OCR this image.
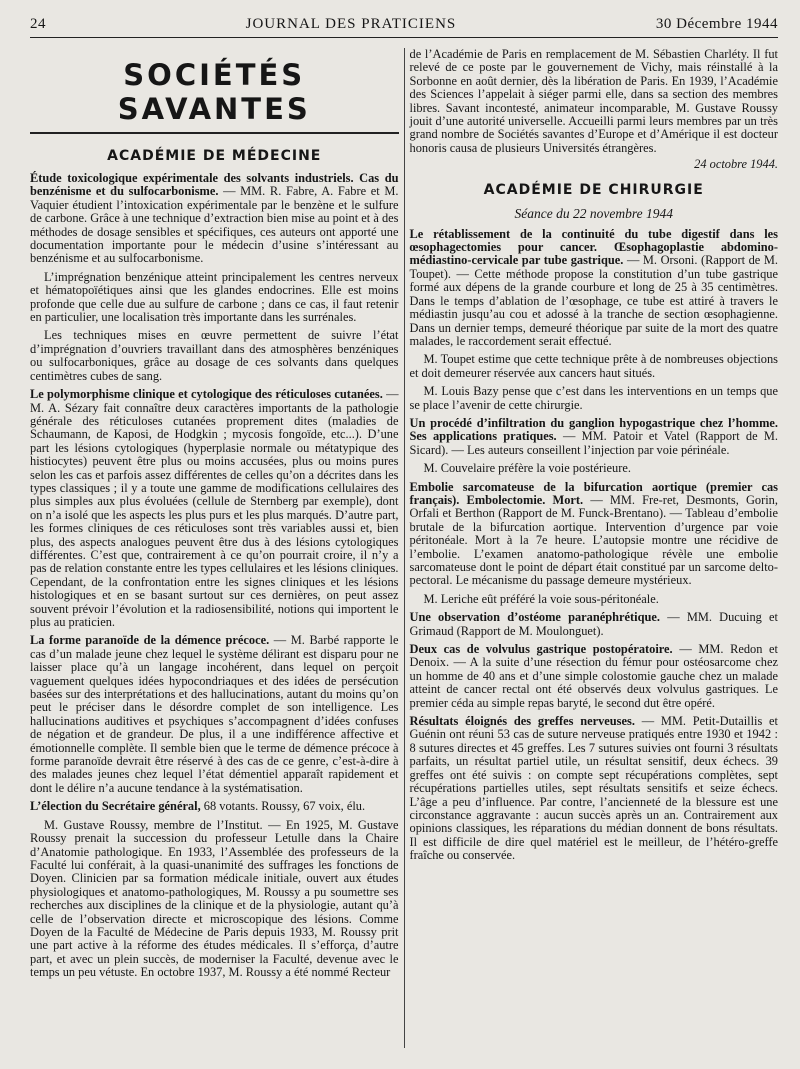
24	JOURNAL DES PRATICIENS	30 Décembre 1944
SOCIÉTÉS SAVANTES
ACADÉMIE DE MÉDECINE

Étude toxicologique expérimentale des solvants industriels. Cas du benzénisme et du sulfocarbonisme. — MM. R. Fabre, A. Fabre et M. Vaquier étudient l’intoxication expérimentale par le benzène et le sulfure de carbone. Grâce à une technique d’extraction bien mise au point et à des méthodes de dosage sensibles et spécifiques, ces auteurs ont apporté une documentation importante pour le médecin d’usine s’intéressant au benzénisme et au sulfocarbonisme.

L’imprégnation benzénique atteint principalement les centres nerveux et hématopoïétiques ainsi que les glandes endocrines. Elle est moins profonde que celle due au sulfure de carbone ; dans ce cas, il faut retenir en particulier, une localisation très importante dans les surrénales.

Les techniques mises en œuvre permettent de suivre l’état d’imprégnation d’ouvriers travaillant dans des atmosphères benzéniques ou sulfocarboniques, grâce au dosage de ces solvants dans quelques centimètres cubes de sang.

Le polymorphisme clinique et cytologique des réticuloses cutanées. — M. A. Sézary fait connaître deux caractères importants de la pathologie générale des réticuloses cutanées proprement dites (maladies de Schaumann, de Kaposi, de Hodgkin ; mycosis fongoïde, etc...). D’une part les lésions cytologiques (hyperplasie normale ou métatypique des histiocytes) peuvent être plus ou moins accusées, plus ou moins pures selon les cas et parfois assez différentes de celles qu’on a décrites dans les types classiques ; il y a toute une gamme de modifications cellulaires des plus simples aux plus évoluées (cellule de Sternberg par exemple), dont on n’a isolé que les aspects les plus purs et les plus marqués. D’autre part, les formes cliniques de ces réticuloses sont très variables aussi et, bien plus, des aspects analogues peuvent être dus à des lésions cytologiques différentes. C’est que, contrairement à ce qu’on pourrait croire, il n’y a pas de relation constante entre les types cellulaires et les lésions cliniques. Cependant, de la confrontation entre les signes cliniques et les lésions histologiques et en se basant surtout sur ces dernières, on peut assez souvent prévoir l’évolution et la radiosensibilité, notions qui importent le plus au praticien.

La forme paranoïde de la démence précoce. — M. Barbé rapporte le cas d’un malade jeune chez lequel le système délirant est disparu pour ne laisser place qu’à un langage incohérent, dans lequel on perçoit vaguement quelques idées hypocondriaques et des idées de persécution basées sur des interprétations et des hallucinations, autant du moins qu’on peut le préciser dans le désordre complet de son intelligence. Les hallucinations auditives et psychiques s’accompagnent d’idées confuses de négation et de grandeur. De plus, il a une indifférence affective et émotionnelle complète. Il semble bien que le terme de démence précoce à forme paranoïde devrait être réservé à des cas de ce genre, c’est-à-dire à des malades jeunes chez lequel l’état démentiel apparaît rapidement et dont le délire n’a aucune tendance à la systématisation.

L’élection du Secrétaire général, 68 votants. Roussy, 67 voix, élu.

M. Gustave Roussy, membre de l’Institut. — En 1925, M. Gustave Roussy prenait la succession du professeur Letulle dans la Chaire d’Anatomie pathologique. En 1933, l’Assemblée des professeurs de la Faculté lui conférait, à la quasi-unanimité des suffrages les fonctions de Doyen. Clinicien par sa formation médicale initiale, ouvert aux études physiologiques et anatomo-pathologiques, M. Roussy a pu soumettre ses recherches aux disciplines de la clinique et de la physiologie, autant qu’à celle de l’observation directe et microscopique des lésions. Comme Doyen de la Faculté de Médecine de Paris depuis 1933, M. Roussy prit une part active à la réforme des études médicales. Il s’efforça, d’autre part, et avec un plein succès, de moderniser la Faculté, devenue avec le temps un peu vétuste. En octobre 1937, M. Roussy a été nommé Recteur

de l’Académie de Paris en remplacement de M. Sébastien Charléty. Il fut relevé de ce poste par le gouvernement de Vichy, mais réinstallé à la Sorbonne en août dernier, dès la libération de Paris. En 1939, l’Académie des Sciences l’appelait à siéger parmi elle, dans sa section des membres libres. Savant incontesté, animateur incomparable, M. Gustave Roussy jouit d’une autorité universelle. Accueilli parmi leurs membres par un très grand nombre de Sociétés savantes d’Europe et d’Amérique il est docteur honoris causa de plusieurs Universités étrangères.

24 octobre 1944.

ACADÉMIE DE CHIRURGIE
Séance du 22 novembre 1944

Le rétablissement de la continuité du tube digestif dans les œsophagectomies pour cancer. Œsophagoplastie abdomino-médiastino-cervicale par tube gastrique. — M. Orsoni. (Rapport de M. Toupet). — Cette méthode propose la constitution d’un tube gastrique formé aux dépens de la grande courbure et long de 25 à 35 centimètres. Dans le temps d’ablation de l’œsophage, ce tube est attiré à travers le médiastin jusqu’au cou et adossé à la tranche de section œsophagienne. Dans un dernier temps, demeuré théorique par suite de la mort des quatre malades, le raccordement serait effectué.

M. Toupet estime que cette technique prête à de nombreuses objections et doit demeurer réservée aux cancers haut situés.

M. Louis Bazy pense que c’est dans les interventions en un temps que se place l’avenir de cette chirurgie.

Un procédé d’infiltration du ganglion hypogastrique chez l’homme. Ses applications pratiques. — MM. Patoir et Vatel (Rapport de M. Sicard). — Les auteurs conseillent l’injection par voie périnéale.

M. Couvelaire préfère la voie postérieure.

Embolie sarcomateuse de la bifurcation aortique (premier cas français). Embolectomie. Mort. — MM. Fre-ret, Desmonts, Gorin, Orfali et Berthon (Rapport de M. Funck-Brentano). — Tableau d’embolie brutale de la bifurcation aortique. Intervention d’urgence par voie péritonéale. Mort à la 7e heure. L’autopsie montre une récidive de l’embolie. L’examen anatomo-pathologique révèle une embolie sarcomateuse dont le point de départ était constitué par un sarcome delto-pectoral. Le mécanisme du passage demeure mystérieux.

M. Leriche eût préféré la voie sous-péritonéale.

Une observation d’ostéome paranéphrétique. — MM. Ducuing et Grimaud (Rapport de M. Moulonguet).

Deux cas de volvulus gastrique postopératoire. — MM. Redon et Denoix. — A la suite d’une résection du fémur pour ostéosarcome chez un homme de 40 ans et d’une simple colostomie gauche chez un malade atteint de cancer rectal ont été observés deux volvulus gastriques. Le premier céda au simple repas baryté, le second dut être opéré.

Résultats éloignés des greffes nerveuses. — MM. Petit-Dutaillis et Guénin ont réuni 53 cas de suture nerveuse pratiqués entre 1930 et 1942 : 8 sutures directes et 45 greffes. Les 7 sutures suivies ont fourni 3 résultats parfaits, un résultat partiel utile, un résultat sensitif, deux échecs. 39 greffes ont été suivis : on compte sept récupérations complètes, sept récupérations partielles utiles, sept résultats sensitifs et seize échecs. L’âge a peu d’influence. Par contre, l’ancienneté de la blessure est une circonstance aggravante : aucun succès après un an. Contrairement aux opinions classiques, les réparations du médian donnent de bons résultats. Il est difficile de dire quel matériel est le meilleur, de l’hétéro-greffe fraîche ou conservée.
